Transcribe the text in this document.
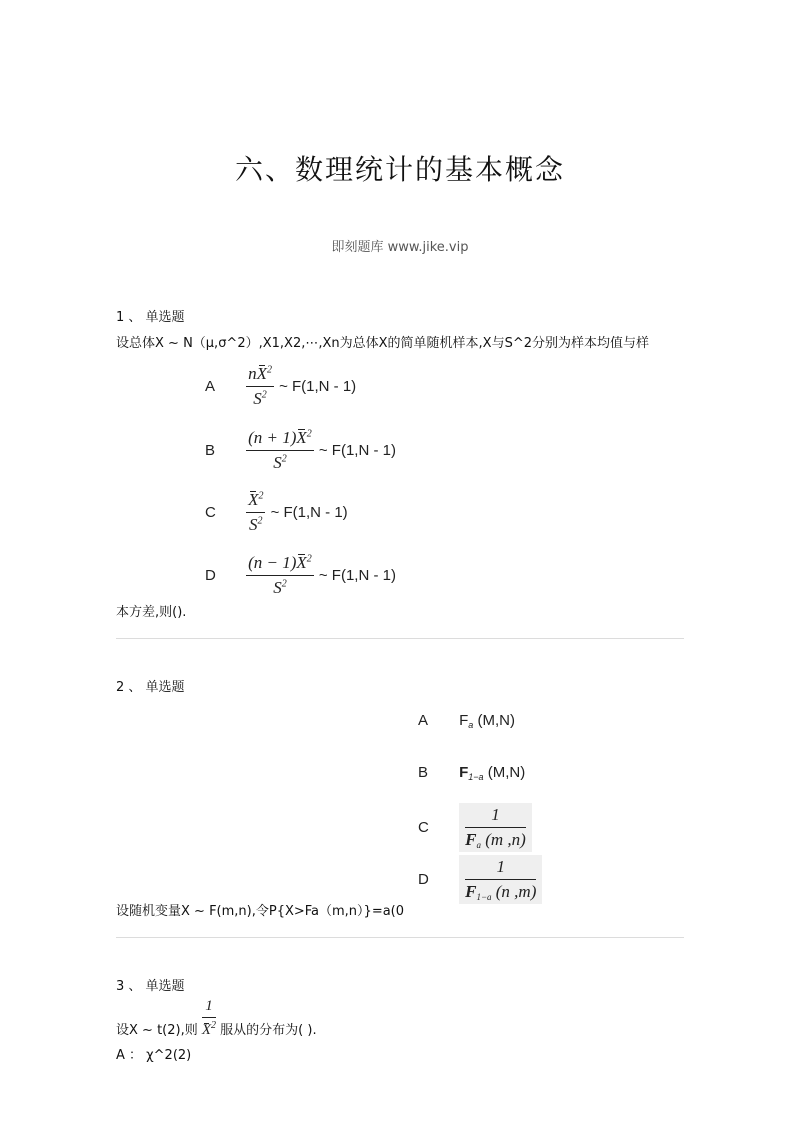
六、数理统计的基本概念
即刻题库 www.jike.vip
1 、 单选题
设总体X ~ N（μ,σ^2）,X1,X2,⋯,Xn为总体X的简单随机样本,X与S^2分别为样本均值与样
A $\frac{nX^2}{S^2}$ ~ F(1,N - 1)
B $\frac{(n + 1)X^2}{S^2}$ ~ F(1,N - 1)
C $\frac{X^2}{S^2}$ ~ F(1,N - 1)
D $\frac{(n - 1)X^2}{S^2}$ ~ F(1,N - 1)
本方差,则().
2 、 单选题
A $F_a$ (M,N)
B $F_{1-a}$ (M,N)
C $\frac{1}{Fa (m ,n)}$
D $\frac{1}{F1-a (n ,m)}$
设随机变量X ~ F(m,n),令P{X>Fa（m,n）}=a(0
3 、 单选题
设X ~ t(2),则 $\frac{1}{X^2}$ 服从的分布为( ).
A ： χ^2(2)
